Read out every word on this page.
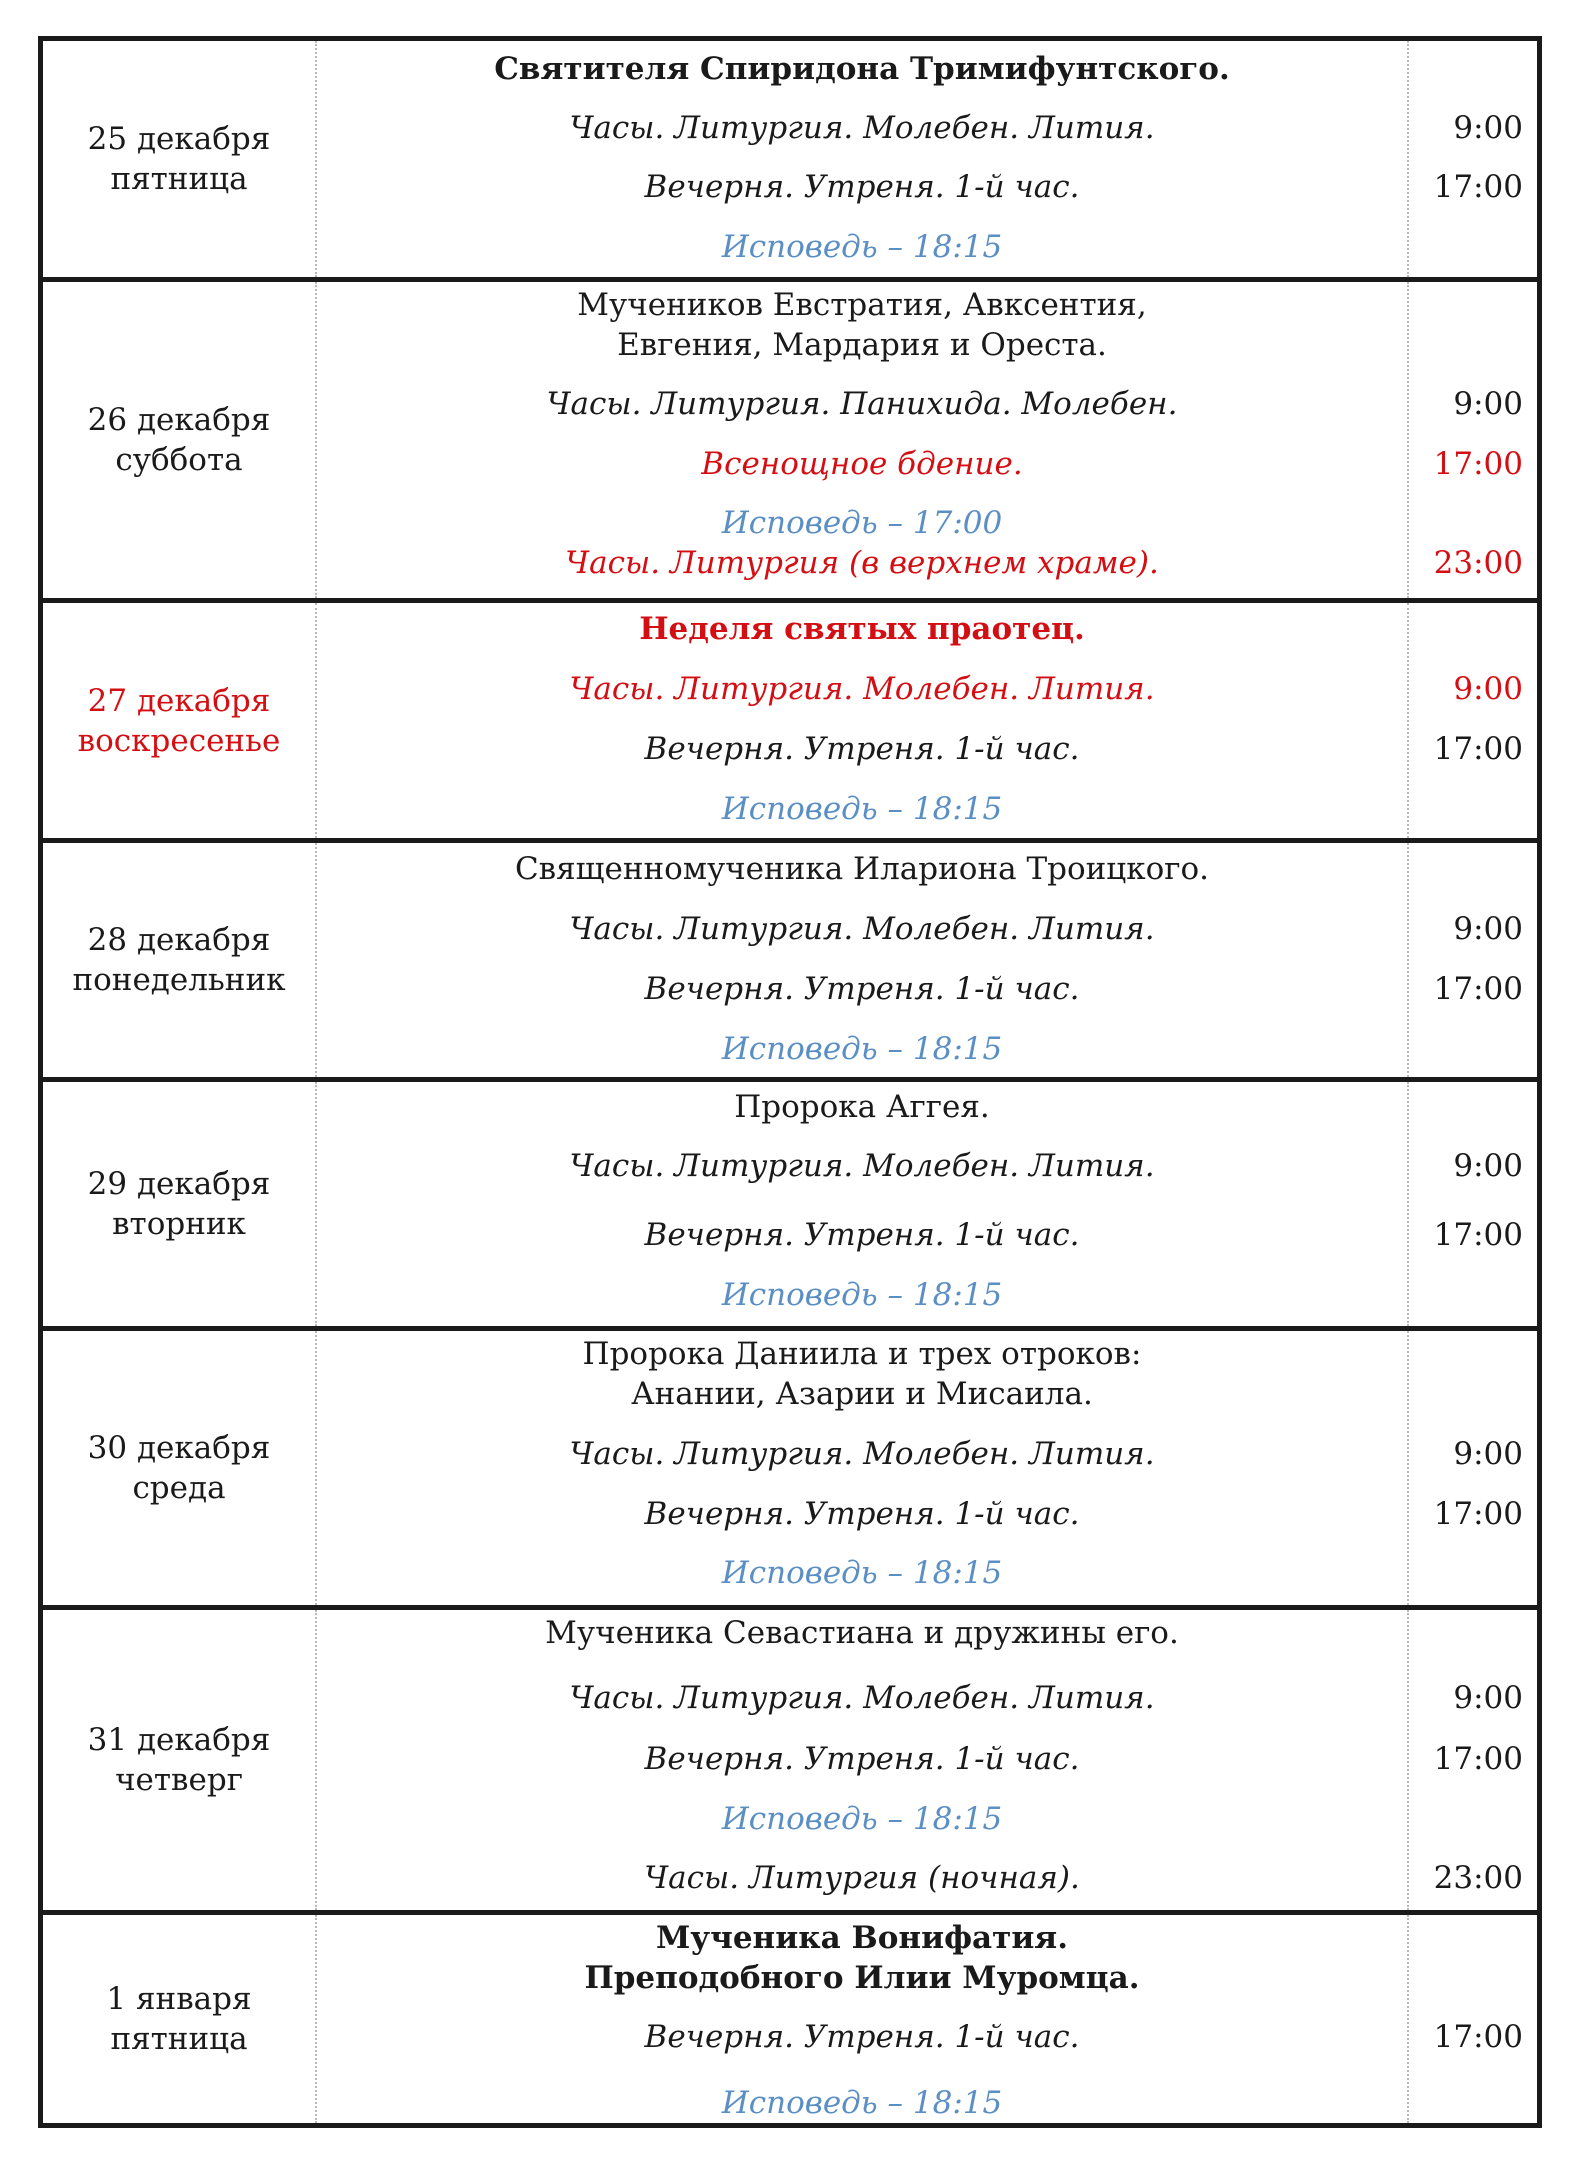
25 декабря
пятница
Святителя Спиридона Тримифунтского.
Часы. Литургия. Молебен. Лития.	9:00
Вечерня. Утреня. 1-й час.	17:00
Исповедь – 18:15
26 декабря
суббота
Мучеников Евстратия, Авксентия,
Евгения, Мардария и Ореста.
Часы. Литургия. Панихида. Молебен.	9:00
Всенощное бдение.	17:00
Исповедь – 17:00
Часы. Литургия (в верхнем храме).	23:00
27 декабря
воскресенье
Неделя святых праотец.
Часы. Литургия. Молебен. Лития.	9:00
Вечерня. Утреня. 1-й час.	17:00
Исповедь – 18:15
28 декабря
понедельник
Священномученика Илариона Троицкого.
Часы. Литургия. Молебен. Лития.	9:00
Вечерня. Утреня. 1-й час.	17:00
Исповедь – 18:15
29 декабря
вторник
Пророка Аггея.
Часы. Литургия. Молебен. Лития.	9:00
Вечерня. Утреня. 1-й час.	17:00
Исповедь – 18:15
30 декабря
среда
Пророка Даниила и трех отроков:
Анании, Азарии и Мисаила.
Часы. Литургия. Молебен. Лития.	9:00
Вечерня. Утреня. 1-й час.	17:00
Исповедь – 18:15
31 декабря
четверг
Мученика Севастиана и дружины его.
Часы. Литургия. Молебен. Лития.	9:00
Вечерня. Утреня. 1-й час.	17:00
Исповедь – 18:15
Часы. Литургия (ночная).	23:00
1 января
пятница
Мученика Вонифатия.
Преподобного Илии Муромца.
Вечерня. Утреня. 1-й час.	17:00
Исповедь – 18:15
